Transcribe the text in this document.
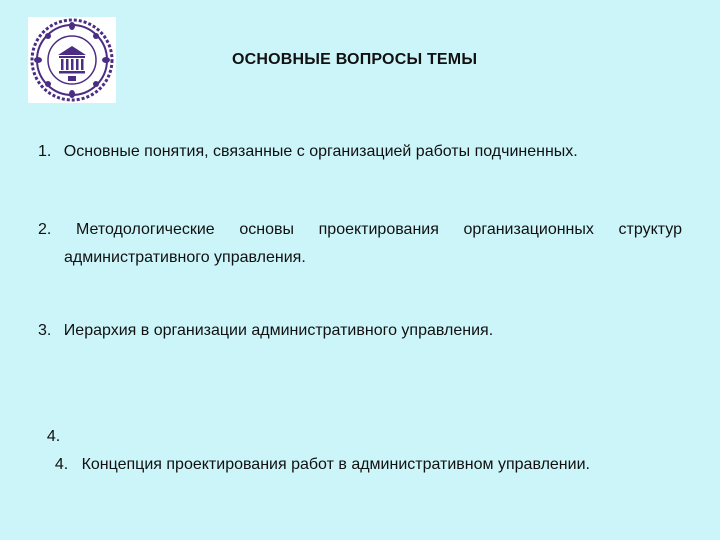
ОСНОВНЫЕ ВОПРОСЫ ТЕМЫ
1. Основные понятия, связанные с организацией работы подчиненных.
2. Методологические основы проектирования организационных структур
административного управления.
3. Иерархия в организации административного управления.

4.
4.   Концепция проектирования работ в административном управлении.
